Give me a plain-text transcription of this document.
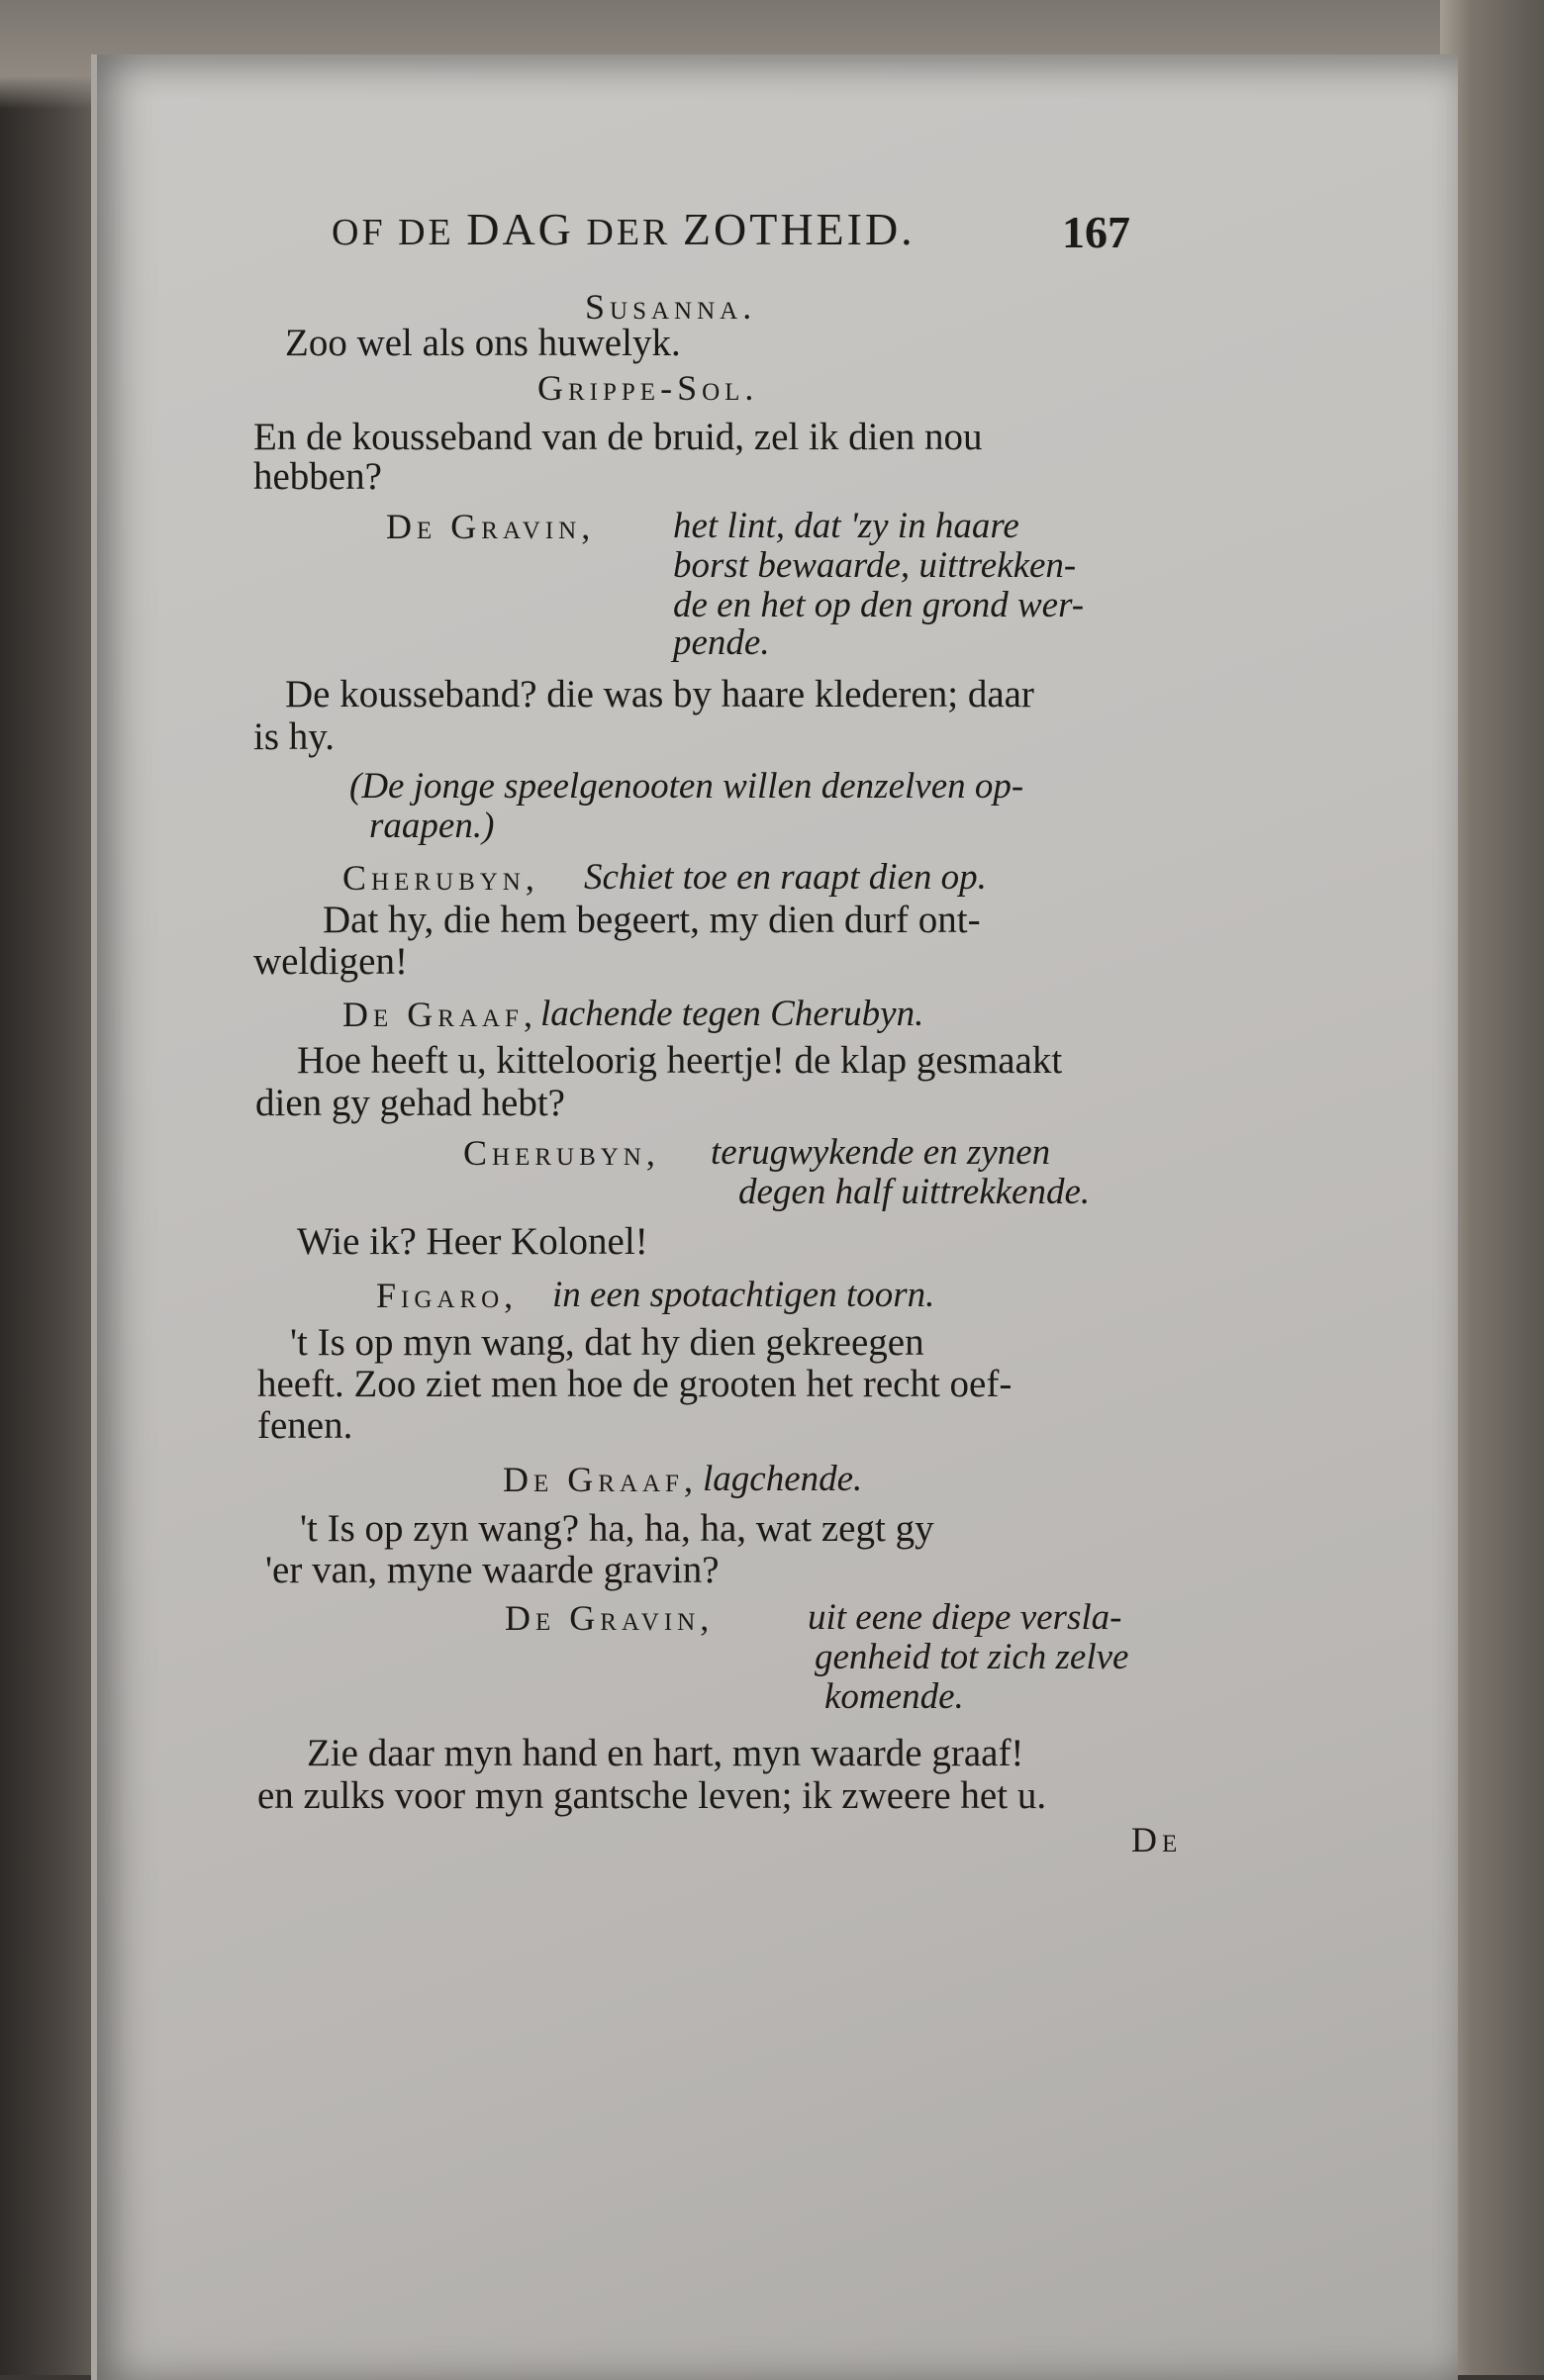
OF DE DAG DER ZOTHEID.	167
Susanna.
Zoo wel als ons huwelyk.
Grippe-Sol.
En de kousseband van de bruid, zel ik dien nou
hebben?
De Gravin, het lint, dat 'zy in haare
borst bewaarde, uittrekken-
de en het op den grond wer-
pende.
De kousseband? die was by haare klederen; daar
is hy.
(De jonge speelgenooten willen denzelven op-
raapen.)
Cherubyn, Schiet toe en raapt dien op.
Dat hy, die hem begeert, my dien durf ont-
weldigen!
De Graaf, lachende tegen Cherubyn.
Hoe heeft u, kitteloorig heertje! de klap gesmaakt
dien gy gehad hebt?
Cherubyn, terugwykende en zynen
degen half uittrekkende.
Wie ik? Heer Kolonel!
Figaro, in een spotachtigen toorn.
't Is op myn wang, dat hy dien gekreegen
heeft. Zoo ziet men hoe de grooten het recht oef-
fenen.
De Graaf, lagchende.
't Is op zyn wang? ha, ha, ha, wat zegt gy
'er van, myne waarde gravin?
De Gravin,	uit eene diepe versla-
genheid tot zich zelve
komende.
Zie daar myn hand en hart, myn waarde graaf!
en zulks voor myn gantsche leven; ik zweere het u.
De
